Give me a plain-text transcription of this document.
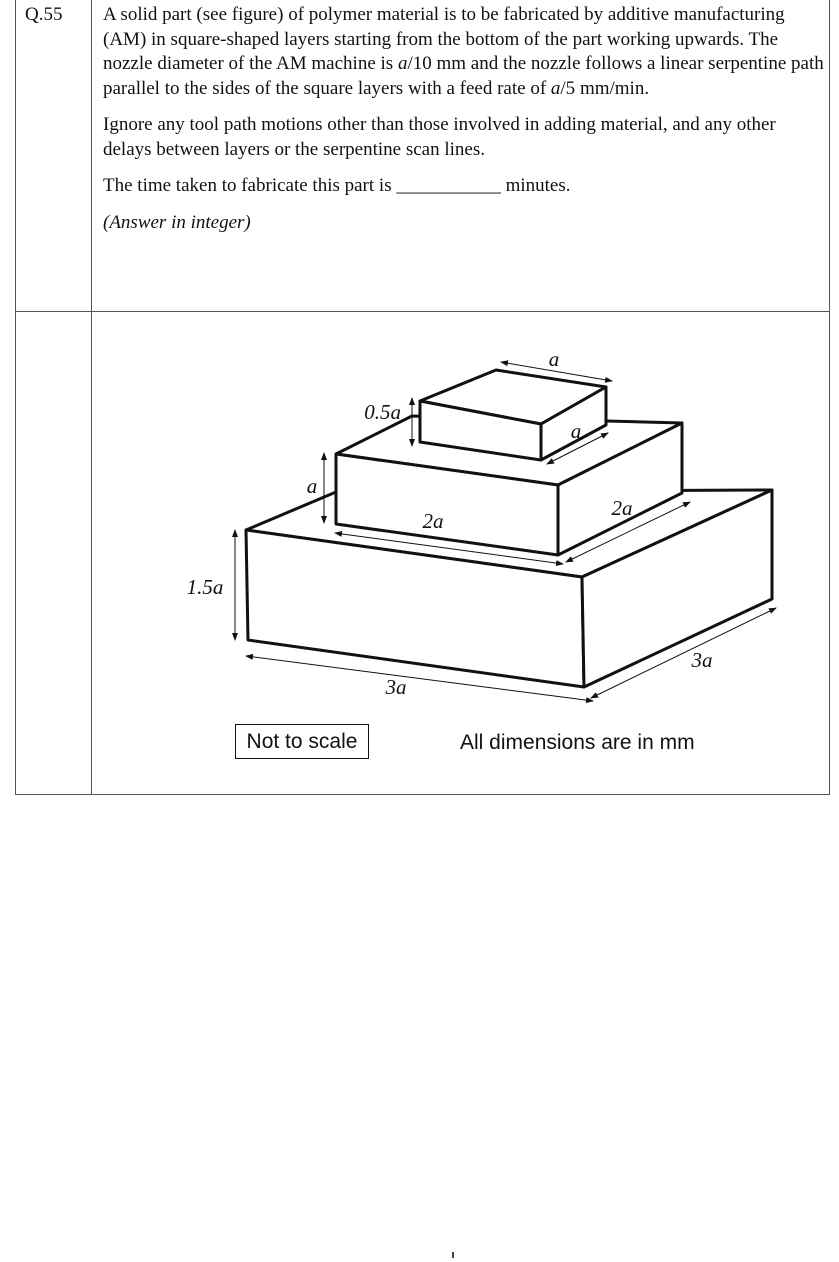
Q.55 A solid part (see figure) of polymer material is to be fabricated by additive manufacturing (AM) in square-shaped layers starting from the bottom of the part working upwards. The nozzle diameter of the AM machine is a/10 mm and the nozzle follows a linear serpentine path parallel to the sides of the square layers with a feed rate of a/5 mm/min.

Ignore any tool path motions other than those involved in adding material, and any other delays between layers or the serpentine scan lines.

The time taken to fabricate this part is ___________ minutes.

(Answer in integer)

a
a
0.5a
a
2a
2a
1.5a
3a
3a
Not to scale	All dimensions are in mm
